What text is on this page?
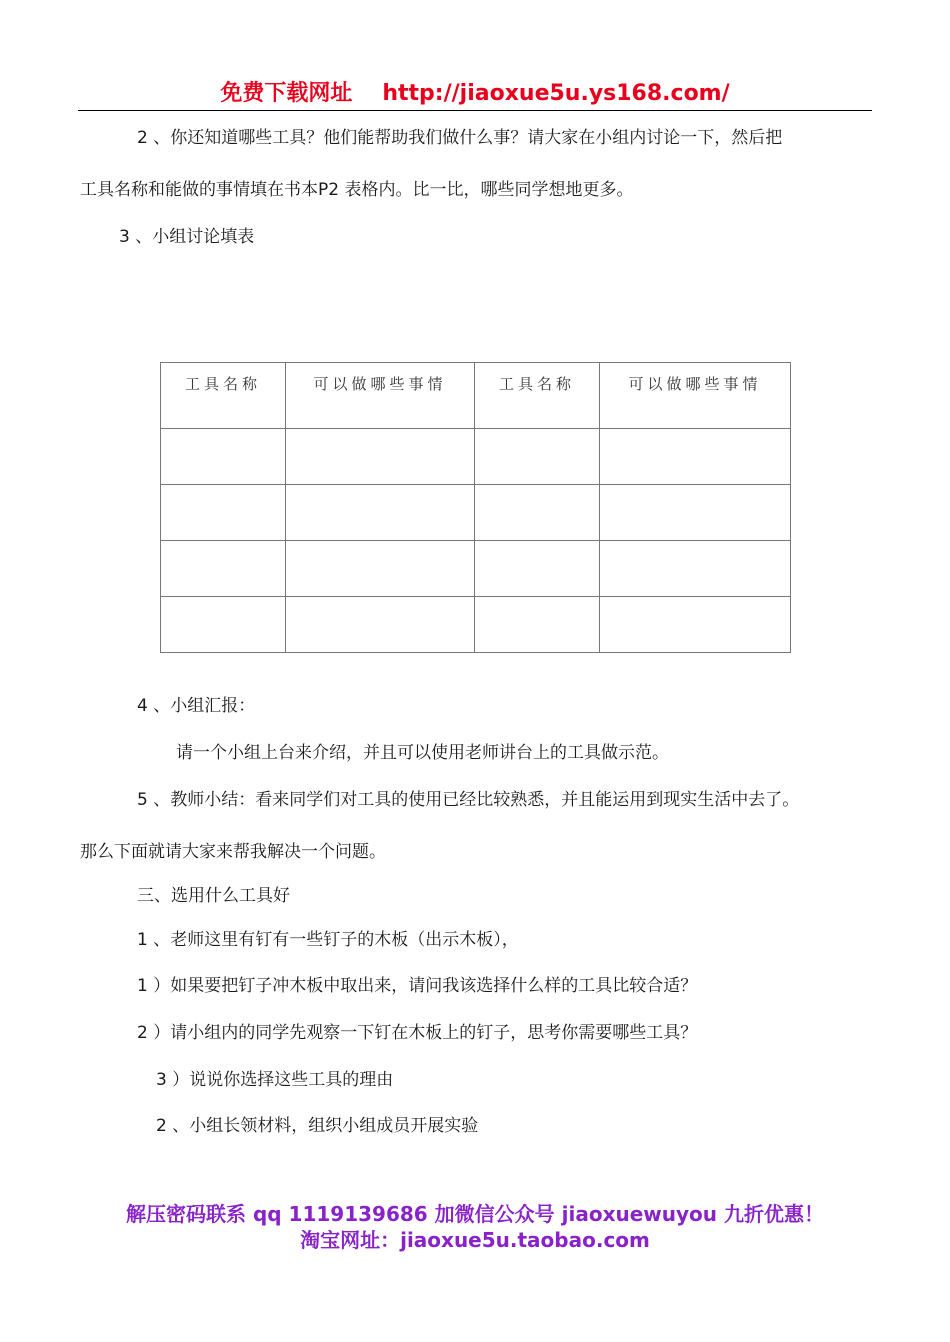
免费下载网址 http://jiaoxue5u.ys168.com/
2 、你还知道哪些工具？他们能帮助我们做什么事？请大家在小组内讨论一下，然后把
工具名称和能做的事情填在书本P2 表格内。比一比，哪些同学想地更多。
3 、小组讨论填表
工具名称	可以做哪些事情	工具名称	可以做哪些事情

4 、小组汇报：
请一个小组上台来介绍，并且可以使用老师讲台上的工具做示范。
5 、教师小结：看来同学们对工具的使用已经比较熟悉，并且能运用到现实生活中去了。
那么下面就请大家来帮我解决一个问题。
三、选用什么工具好
1 、老师这里有钉有一些钉子的木板（出示木板），
1 ）如果要把钉子冲木板中取出来，请问我该选择什么样的工具比较合适？
2 ）请小组内的同学先观察一下钉在木板上的钉子，思考你需要哪些工具？
3 ）说说你选择这些工具的理由
2 、小组长领材料，组织小组成员开展实验
解压密码联系 qq 1119139686 加微信公众号 jiaoxuewuyou 九折优惠！
淘宝网址：jiaoxue5u.taobao.com
